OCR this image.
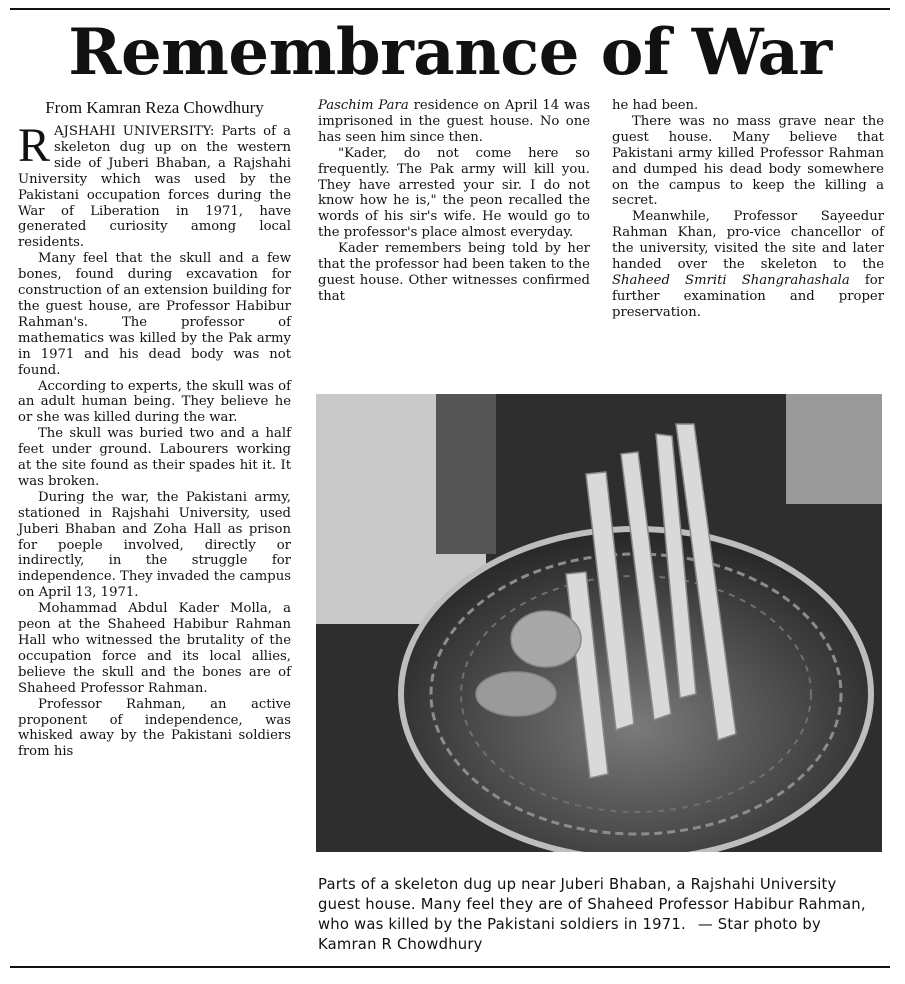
Remembrance of War
From Kamran Reza Chowdhury

RAJSHAHI UNIVERSITY: Parts of a skeleton dug up on the western side of Juberi Bhaban, a Rajshahi University which was used by the Pakistani occupation forces during the War of Liberation in 1971, have generated curiosity among local residents.

Many feel that the skull and a few bones, found during excavation for construction of an extension building for the guest house, are Professor Habibur Rahman's. The professor of mathematics was killed by the Pak army in 1971 and his dead body was not found.

According to experts, the skull was of an adult human being. They believe he or she was killed during the war.

The skull was buried two and a half feet under ground. Labourers working at the site found as their spades hit it. It was broken.

During the war, the Pakistani army, stationed in Rajshahi University, used Juberi Bhaban and Zoha Hall as prison for poeple involved, directly or indirectly, in the struggle for independence. They invaded the campus on April 13, 1971.

Mohammad Abdul Kader Molla, a peon at the Shaheed Habibur Rahman Hall who witnessed the brutality of the occupation force and its local allies, believe the skull and the bones are of Shaheed Professor Rahman.

Professor Rahman, an active proponent of independence, was whisked away by the Pakistani soldiers from his

Paschim Para residence on April 14 was imprisoned in the guest house. No one has seen him since then.

"Kader, do not come here so frequently. The Pak army will kill you. They have arrested your sir. I do not know how he is," the peon recalled the words of his sir's wife. He would go to the professor's place almost everyday.

Kader remembers being told by her that the professor had been taken to the guest house. Other witnesses confirmed that

he had been.

There was no mass grave near the guest house. Many believe that Pakistani army killed Professor Rahman and dumped his dead body somewhere on the campus to keep the killing a secret.

Meanwhile, Professor Sayeedur Rahman Khan, pro-vice chancellor of the university, visited the site and later handed over the skeleton to the Shaheed Smriti Shangrahashala for further examination and proper preservation.

Parts of a skeleton dug up near Juberi Bhaban, a Rajshahi University guest house. Many feel they are of Shaheed Professor Habibur Rahman, who was killed by the Pakistani soldiers in 1971. — Star photo by Kamran R Chowdhury
